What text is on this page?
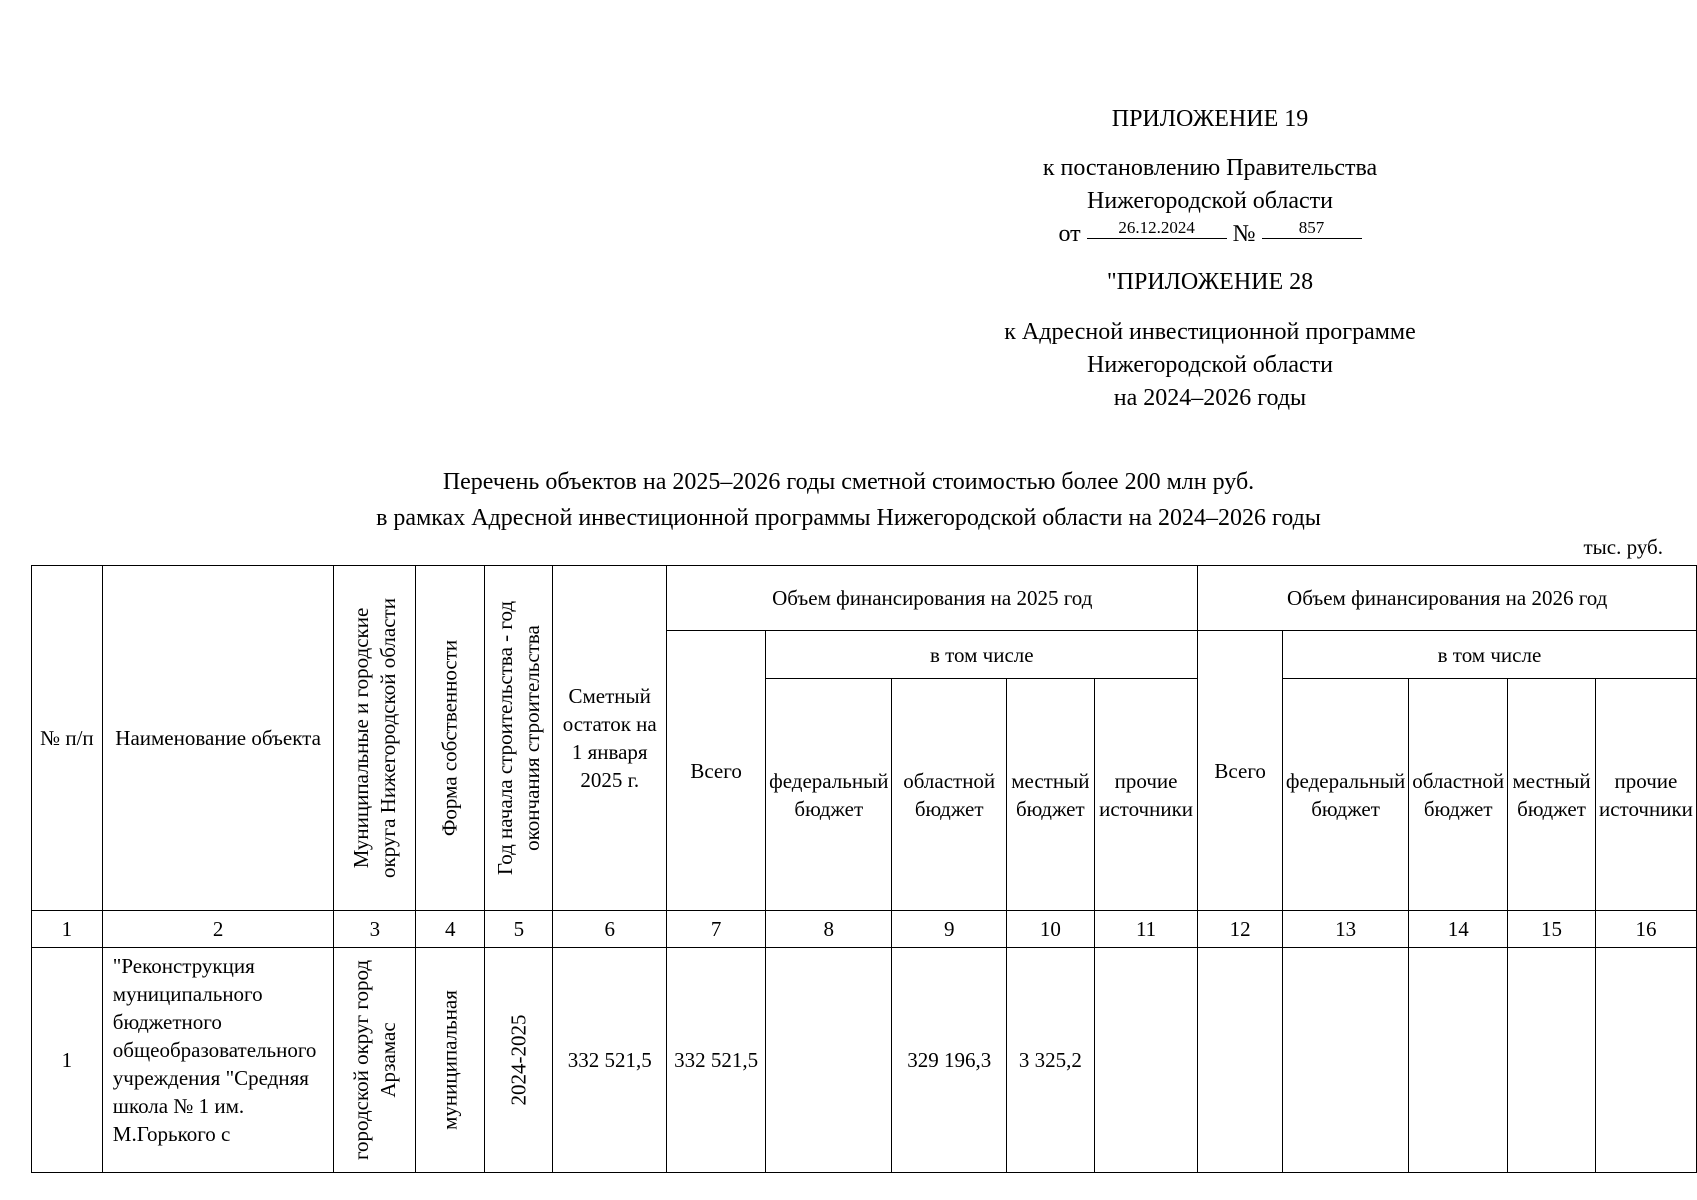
ПРИЛОЖЕНИЕ 19
к постановлению Правительства
Нижегородской области
от 26.12.2024 №	857
"ПРИЛОЖЕНИЕ 28
к Адресной инвестиционной программе
Нижегородской области
на 2024–2026 годы
Перечень объектов на 2025–2026 годы сметной стоимостью более 200 млн руб.
в рамках Адресной инвестиционной программы Нижегородской области на 2024–2026 годы
тыс. руб.
№ п/п	Наименование объекта	Муниципальные и городские округа Нижегородской области	Форма собственности	Год начала строительства - год окончания строительства	Сметный остаток на 1 января 2025 г.	Объем финансирования на 2025 год					Объем финансирования на 2026 год				
						Всего	в том числе				Всего	в том числе			
							федеральный бюджет	областной бюджет	местный бюджет	прочие источники		федеральный бюджет	областной бюджет	местный бюджет	прочие источники
1	2	3	4	5	6	7	8	9	10	11	12	13	14	15	16
1	"Реконструкция муниципального бюджетного общеобразовательного учреждения "Средняя школа № 1 им. М.Горького с	городской округ город Арзамас	муниципальная	2024-2025	332 521,5	332 521,5		329 196,3	3 325,2						
